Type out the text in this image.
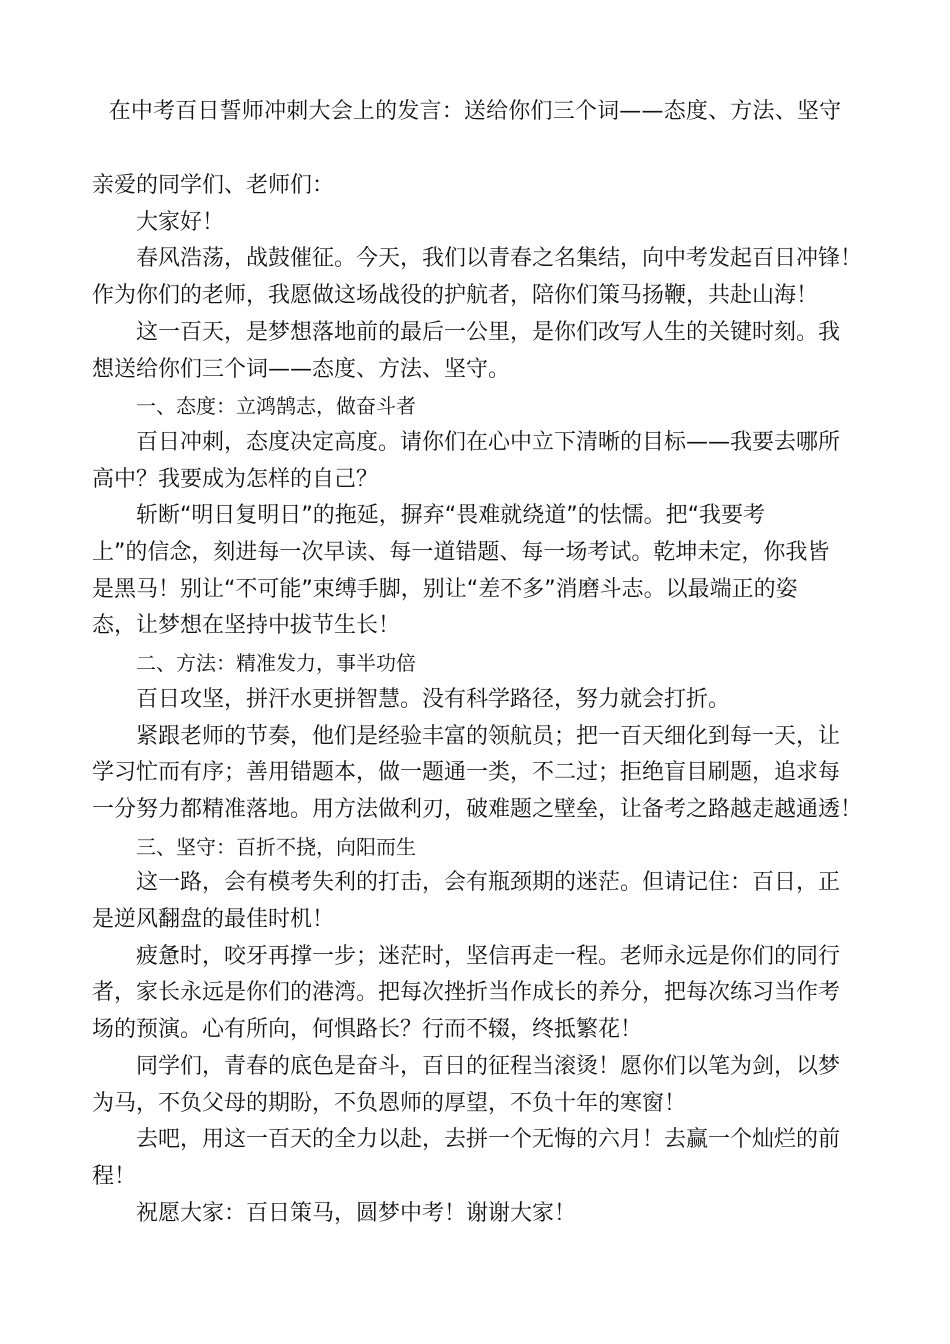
在中考百日誓师冲刺大会上的发言：送给你们三个词——态度、方法、坚守

亲爱的同学们、老师们：

大家好！

春风浩荡，战鼓催征。今天，我们以青春之名集结，向中考发起百日冲锋！
作为你们的老师，我愿做这场战役的护航者，陪你们策马扬鞭，共赴山海！

这一百天，是梦想落地前的最后一公里，是你们改写人生的关键时刻。我
想送给你们三个词——态度、方法、坚守。

一、态度：立鸿鹄志，做奋斗者

百日冲刺，态度决定高度。请你们在心中立下清晰的目标——我要去哪所
高中？我要成为怎样的自己？

斩断“明日复明日”的拖延，摒弃“畏难就绕道”的怯懦。把“我要考
上”的信念，刻进每一次早读、每一道错题、每一场考试。乾坤未定，你我皆
是黑马！别让“不可能”束缚手脚，别让“差不多”消磨斗志。以最端正的姿
态，让梦想在坚持中拔节生长！

二、方法：精准发力，事半功倍

百日攻坚，拼汗水更拼智慧。没有科学路径，努力就会打折。

紧跟老师的节奏，他们是经验丰富的领航员；把一百天细化到每一天，让
学习忙而有序；善用错题本，做一题通一类，不二过；拒绝盲目刷题，追求每
一分努力都精准落地。用方法做利刃，破难题之壁垒，让备考之路越走越通透！

三、坚守：百折不挠，向阳而生

这一路，会有模考失利的打击，会有瓶颈期的迷茫。但请记住：百日，正
是逆风翻盘的最佳时机！

疲惫时，咬牙再撑一步；迷茫时，坚信再走一程。老师永远是你们的同行
者，家长永远是你们的港湾。把每次挫折当作成长的养分，把每次练习当作考
场的预演。心有所向，何惧路长？行而不辍，终抵繁花！

同学们，青春的底色是奋斗，百日的征程当滚烫！愿你们以笔为剑，以梦
为马，不负父母的期盼，不负恩师的厚望，不负十年的寒窗！

去吧，用这一百天的全力以赴，去拼一个无悔的六月！去赢一个灿烂的前
程！

祝愿大家：百日策马，圆梦中考！谢谢大家！
